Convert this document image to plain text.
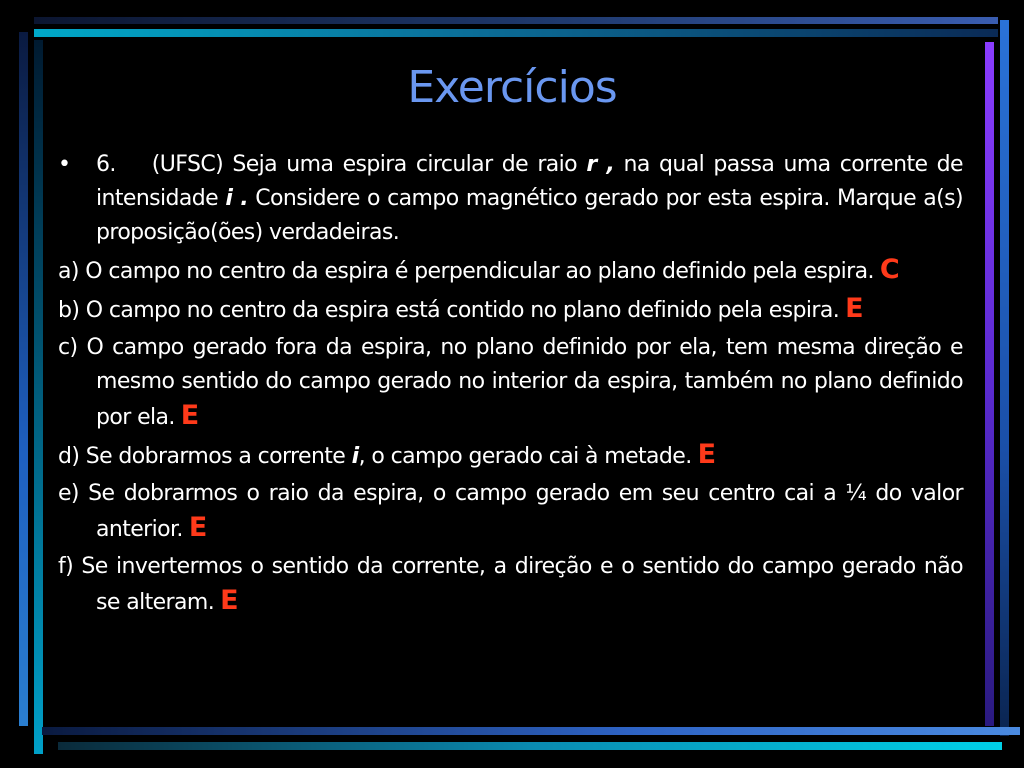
Exercícios
• 6. (UFSC) Seja uma espira circular de raio r , na qual passa uma corrente de intensidade i . Considere o campo magnético gerado por esta espira. Marque a(s) proposição(ões) verdadeiras.
a) O campo no centro da espira é perpendicular ao plano definido pela espira. C
b) O campo no centro da espira está contido no plano definido pela espira. E
c) O campo gerado fora da espira, no plano definido por ela, tem mesma direção e mesmo sentido do campo gerado no interior da espira, também no plano definido por ela. E
d) Se dobrarmos a corrente i, o campo gerado cai à metade. E
e) Se dobrarmos o raio da espira, o campo gerado em seu centro cai a ¼ do valor anterior. E
f) Se invertermos o sentido da corrente, a direção e o sentido do campo gerado não se alteram. E
